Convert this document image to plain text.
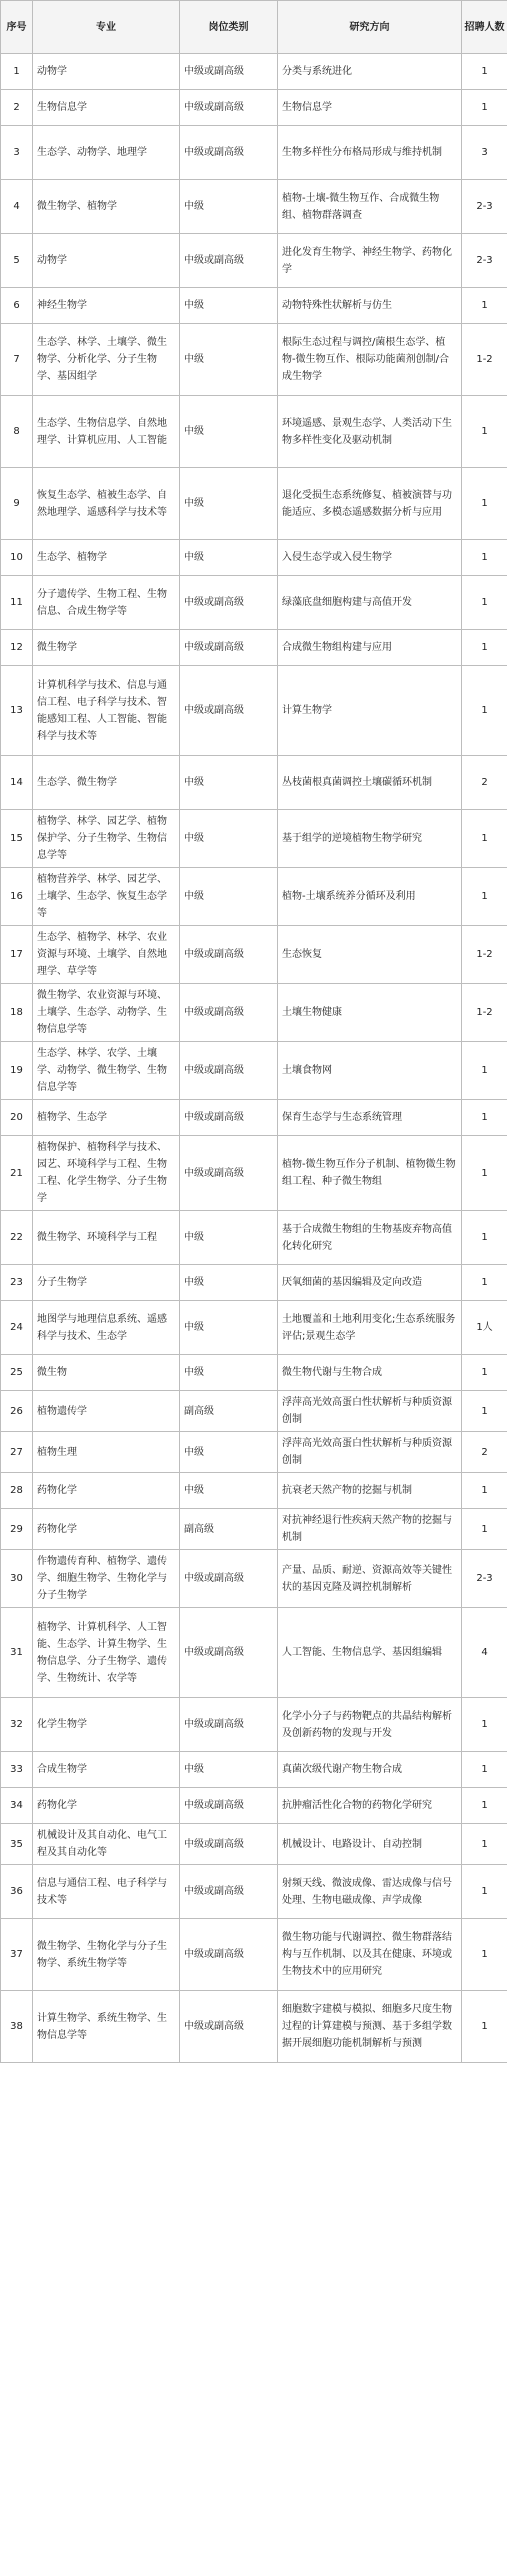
序号	专业	岗位类别	研究方向	招聘人数
1	动物学	中级或副高级	分类与系统进化	1
2	生物信息学	中级或副高级	生物信息学	1
3	生态学、动物学、地理学	中级或副高级	生物多样性分布格局形成与维持机制	3
4	微生物学、植物学	中级	植物-土壤-微生物互作、合成微生物组、植物群落调查	2-3
5	动物学	中级或副高级	进化发育生物学、神经生物学、药物化学	2-3
6	神经生物学	中级	动物特殊性状解析与仿生	1
7	生态学、林学、土壤学、微生物学、分析化学、分子生物学、基因组学	中级	根际生态过程与调控/菌根生态学、植物-微生物互作、根际功能菌剂创制/合成生物学	1-2
8	生态学、生物信息学、自然地理学、计算机应用、人工智能	中级	环境遥感、景观生态学、人类活动下生物多样性变化及驱动机制	1
9	恢复生态学、植被生态学、自然地理学、遥感科学与技术等	中级	退化受损生态系统修复、植被演替与功能适应、多模态遥感数据分析与应用	1
10	生态学、植物学	中级	入侵生态学或入侵生物学	1
11	分子遗传学、生物工程、生物信息、合成生物学等	中级或副高级	绿藻底盘细胞构建与高值开发	1
12	微生物学	中级或副高级	合成微生物组构建与应用	1
13	计算机科学与技术、信息与通信工程、电子科学与技术、智能感知工程、人工智能、智能科学与技术等	中级或副高级	计算生物学	1
14	生态学、微生物学	中级	丛枝菌根真菌调控土壤碳循环机制	2
15	植物学、林学、园艺学、植物保护学、分子生物学、生物信息学等	中级	基于组学的逆境植物生物学研究	1
16	植物营养学、林学、园艺学、土壤学、生态学、恢复生态学等	中级	植物-土壤系统养分循环及利用	1
17	生态学、植物学、林学、农业资源与环境、土壤学、自然地理学、草学等	中级或副高级	生态恢复	1-2
18	微生物学、农业资源与环境、土壤学、生态学、动物学、生物信息学等	中级或副高级	土壤生物健康	1-2
19	生态学、林学、农学、土壤学、动物学、微生物学、生物信息学等	中级或副高级	土壤食物网	1
20	植物学、生态学	中级或副高级	保育生态学与生态系统管理	1
21	植物保护、植物科学与技术、园艺、环境科学与工程、生物工程、化学生物学、分子生物学	中级或副高级	植物-微生物互作分子机制、植物微生物组工程、种子微生物组	1
22	微生物学、环境科学与工程	中级	基于合成微生物组的生物基废弃物高值化转化研究	1
23	分子生物学	中级	厌氧细菌的基因编辑及定向改造	1
24	地图学与地理信息系统、遥感科学与技术、生态学	中级	土地覆盖和土地利用变化;生态系统服务评估;景观生态学	1人
25	微生物	中级	微生物代谢与生物合成	1
26	植物遗传学	副高级	浮萍高光效高蛋白性状解析与种质资源创制	1
27	植物生理	中级	浮萍高光效高蛋白性状解析与种质资源创制	2
28	药物化学	中级	抗衰老天然产物的挖掘与机制	1
29	药物化学	副高级	对抗神经退行性疾病天然产物的挖掘与机制	1
30	作物遗传育种、植物学、遗传学、细胞生物学、生物化学与分子生物学	中级或副高级	产量、品质、耐逆、资源高效等关键性状的基因克隆及调控机制解析	2-3
31	植物学、计算机科学、人工智能、生态学、计算生物学、生物信息学、分子生物学、遗传学、生物统计、农学等	中级或副高级	人工智能、生物信息学、基因组编辑	4
32	化学生物学	中级或副高级	化学小分子与药物靶点的共晶结构解析及创新药物的发现与开发	1
33	合成生物学	中级	真菌次级代谢产物生物合成	1
34	药物化学	中级或副高级	抗肿瘤活性化合物的药物化学研究	1
35	机械设计及其自动化、电气工程及其自动化等	中级或副高级	机械设计、电路设计、自动控制	1
36	信息与通信工程、电子科学与技术等	中级或副高级	射频天线、微波成像、雷达成像与信号处理、生物电磁成像、声学成像	1
37	微生物学、生物化学与分子生物学、系统生物学等	中级或副高级	微生物功能与代谢调控、微生物群落结构与互作机制、以及其在健康、环境或生物技术中的应用研究	1
38	计算生物学、系统生物学、生物信息学等	中级或副高级	细胞数字建模与模拟、细胞多尺度生物过程的计算建模与预测、基于多组学数据开展细胞功能机制解析与预测	1
